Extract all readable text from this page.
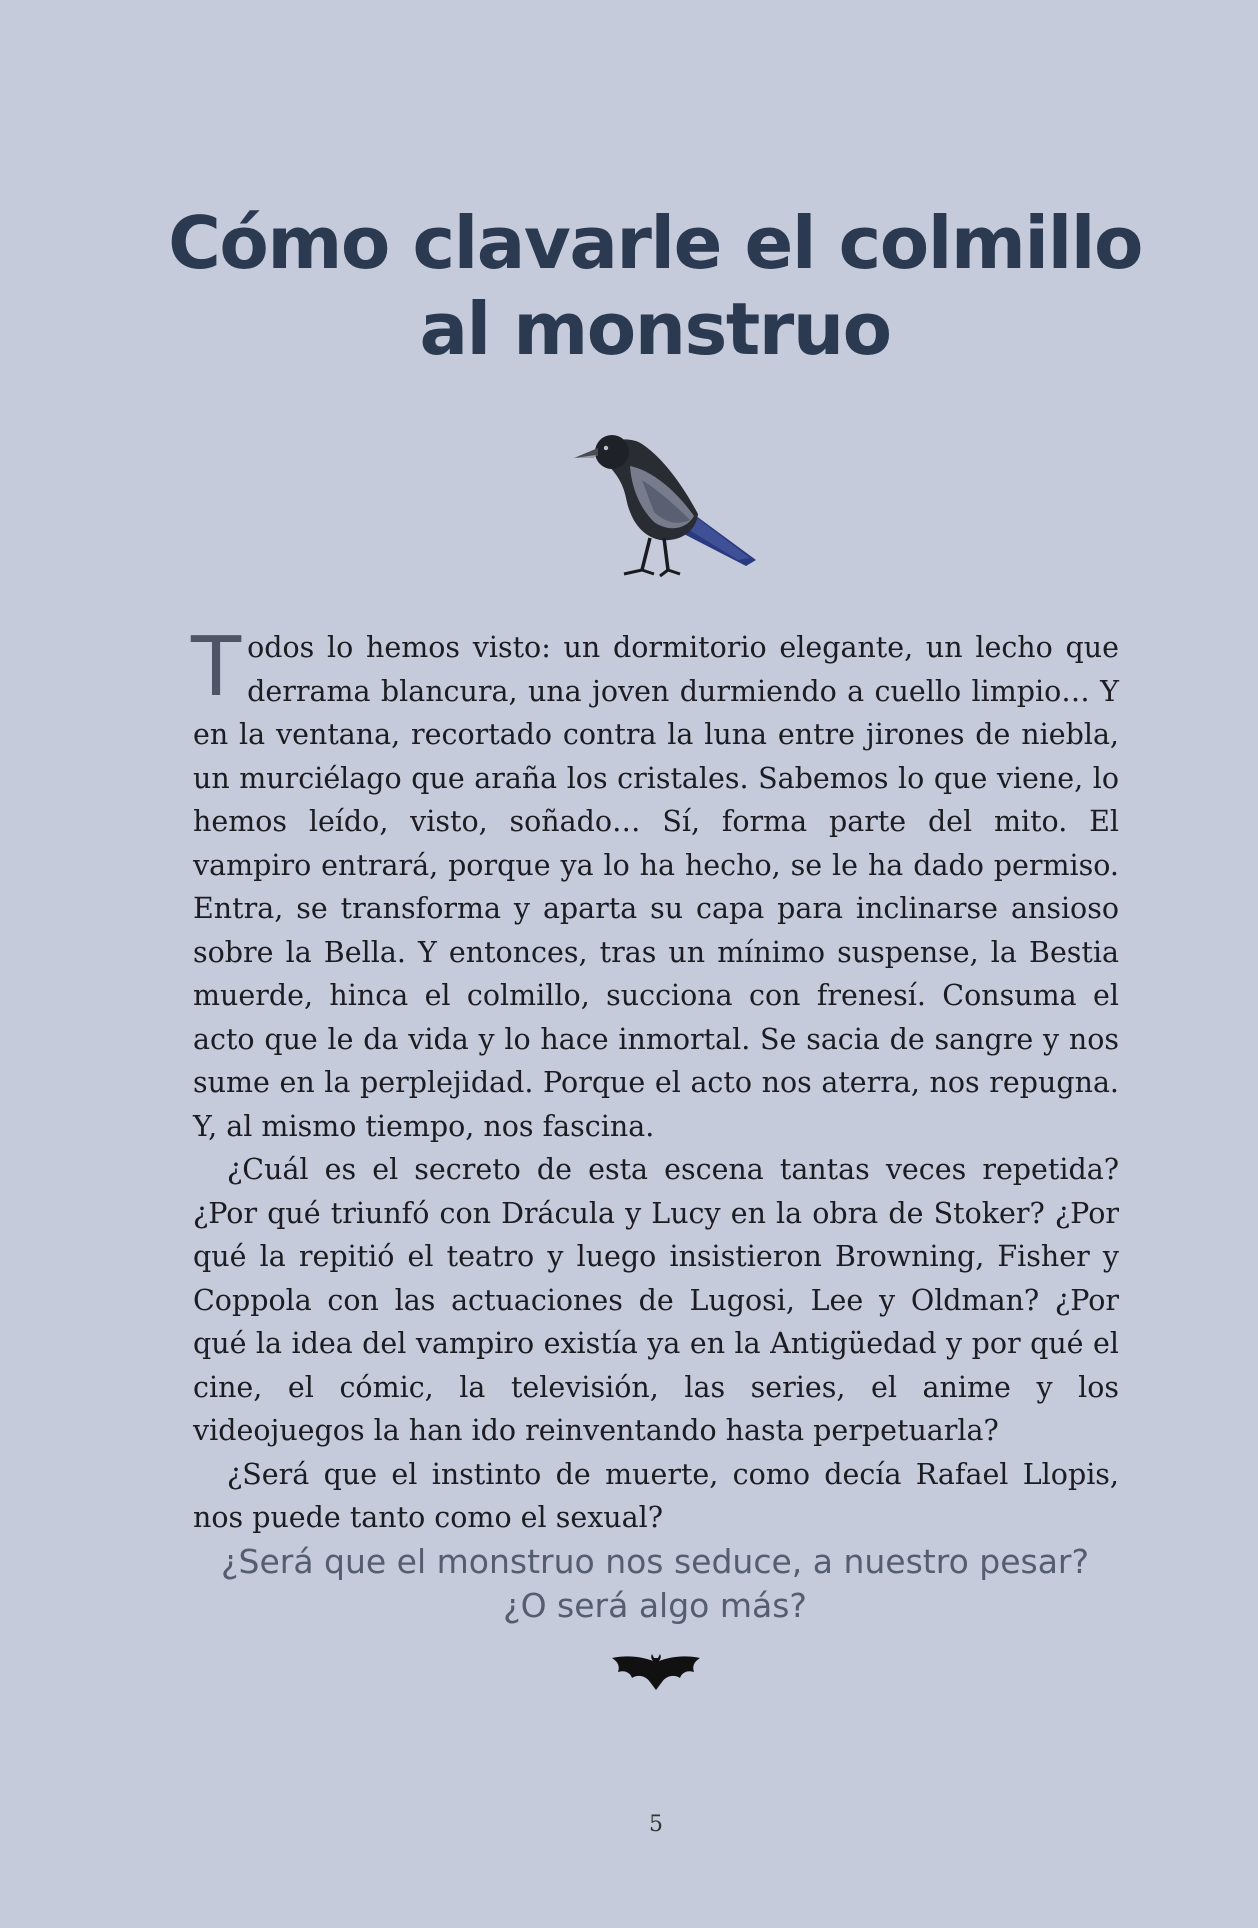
Cómo clavarle el colmillo
al monstruo

Todos lo hemos visto: un dormitorio elegante, un lecho que derrama blancura, una joven durmiendo a cuello limpio… Y en la ventana, recortado contra la luna entre jirones de niebla, un murciélago que araña los cristales. Sabemos lo que viene, lo hemos leído, visto, soñado… Sí, forma parte del mito. El vampiro entrará, porque ya lo ha hecho, se le ha dado permiso. Entra, se transforma y aparta su capa para inclinarse ansioso sobre la Bella. Y entonces, tras un mínimo suspense, la Bestia muerde, hinca el colmillo, succiona con frenesí. Consuma el acto que le da vida y lo hace inmortal. Se sacia de sangre y nos sume en la perplejidad. Porque el acto nos aterra, nos repugna. Y, al mismo tiempo, nos fascina.

¿Cuál es el secreto de esta escena tantas veces repetida? ¿Por qué triunfó con Drácula y Lucy en la obra de Stoker? ¿Por qué la repitió el teatro y luego insistieron Browning, Fisher y Coppola con las actuaciones de Lugosi, Lee y Oldman? ¿Por qué la idea del vampiro existía ya en la Antigüedad y por qué el cine, el cómic, la televisión, las series, el anime y los videojuegos la han ido reinventando hasta perpetuarla?

¿Será que el instinto de muerte, como decía Rafael Llopis, nos puede tanto como el sexual?

¿Será que el monstruo nos seduce, a nuestro pesar?
¿O será algo más?

5
